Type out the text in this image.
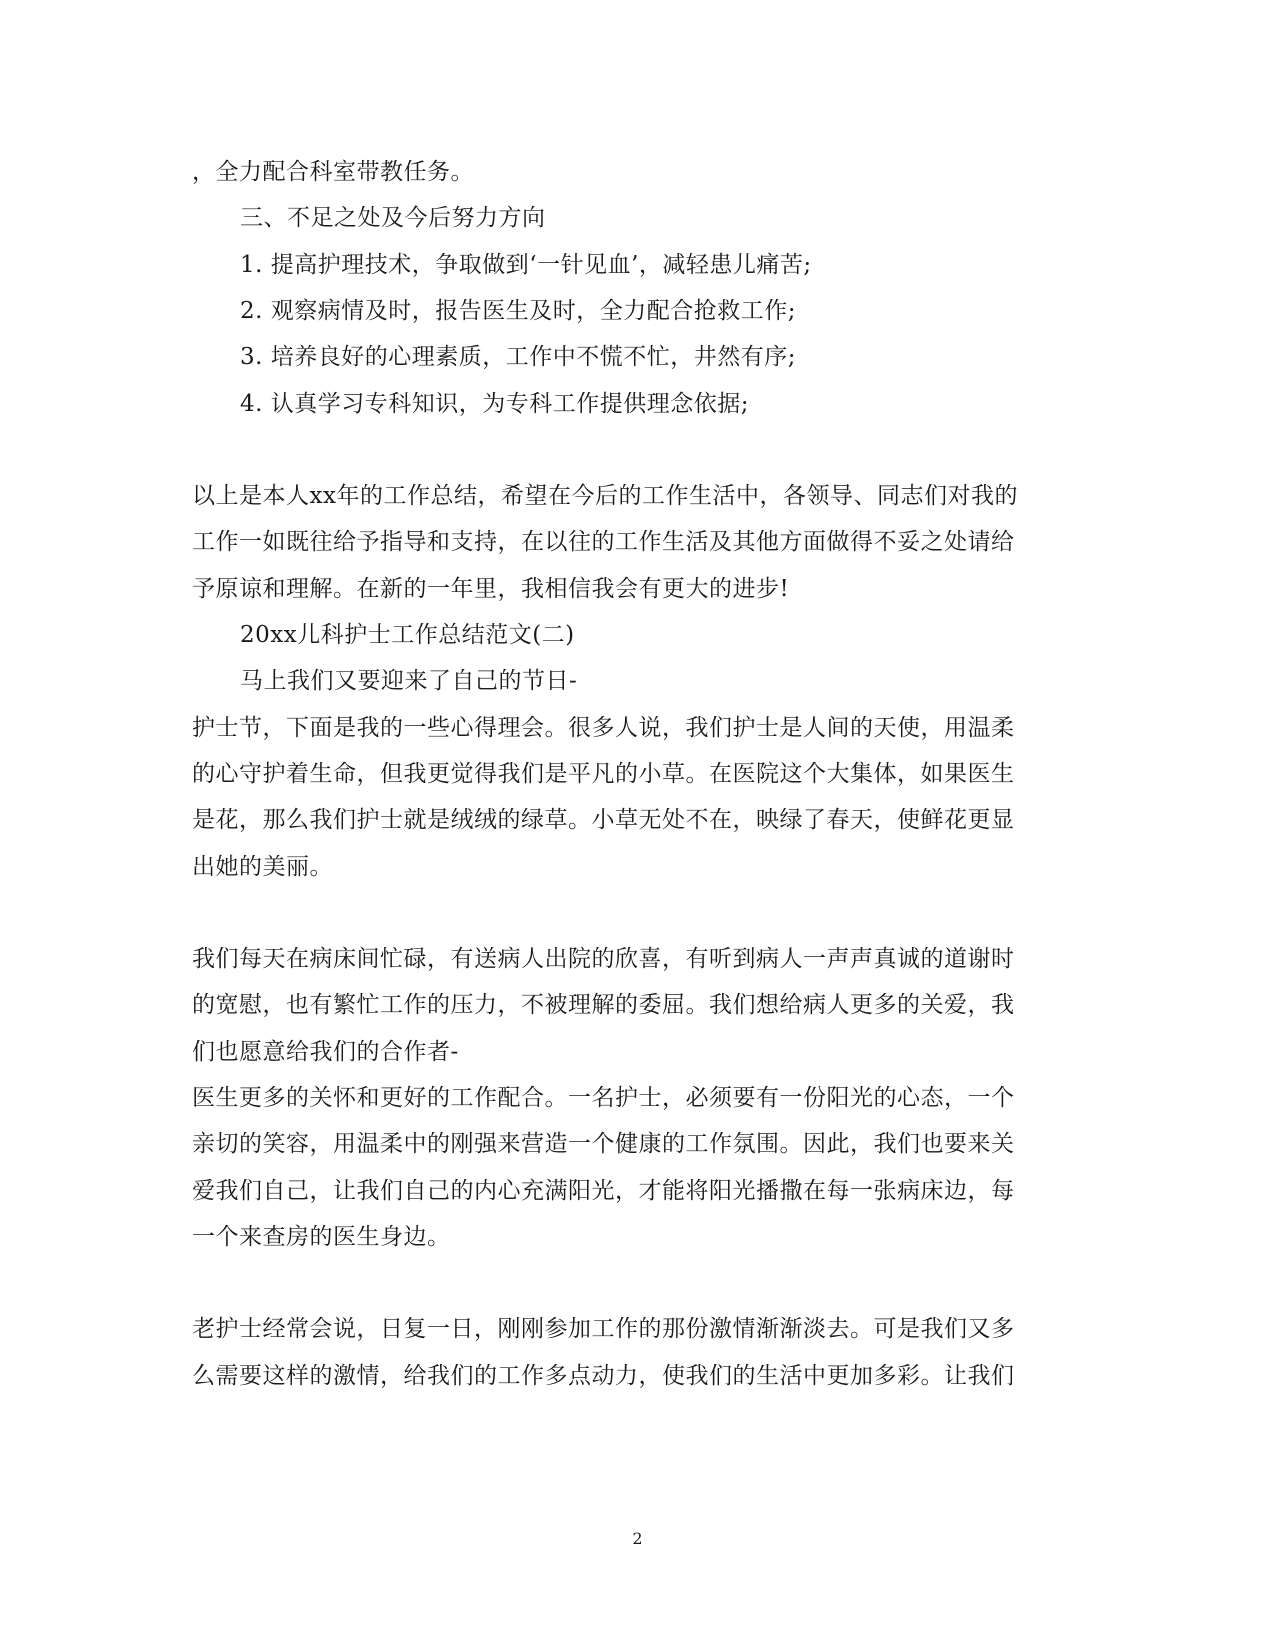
，全力配合科室带教任务。
三、不足之处及今后努力方向
1. 提高护理技术，争取做到‘一针见血’，减轻患儿痛苦;
2. 观察病情及时，报告医生及时，全力配合抢救工作;
3. 培养良好的心理素质，工作中不慌不忙，井然有序;
4. 认真学习专科知识，为专科工作提供理念依据;
以上是本人xx年的工作总结，希望在今后的工作生活中，各领导、同志们对我的
工作一如既往给予指导和支持，在以往的工作生活及其他方面做得不妥之处请给
予原谅和理解。在新的一年里，我相信我会有更大的进步!
20xx儿科护士工作总结范文(二)
马上我们又要迎来了自己的节日-
护士节，下面是我的一些心得理会。很多人说，我们护士是人间的天使，用温柔
的心守护着生命，但我更觉得我们是平凡的小草。在医院这个大集体，如果医生
是花，那么我们护士就是绒绒的绿草。小草无处不在，映绿了春天，使鲜花更显
出她的美丽。
我们每天在病床间忙碌，有送病人出院的欣喜，有听到病人一声声真诚的道谢时
的宽慰，也有繁忙工作的压力，不被理解的委屈。我们想给病人更多的关爱，我
们也愿意给我们的合作者-
医生更多的关怀和更好的工作配合。一名护士，必须要有一份阳光的心态，一个
亲切的笑容，用温柔中的刚强来营造一个健康的工作氛围。因此，我们也要来关
爱我们自己，让我们自己的内心充满阳光，才能将阳光播撒在每一张病床边，每
一个来查房的医生身边。
老护士经常会说，日复一日，刚刚参加工作的那份激情渐渐淡去。可是我们又多
么需要这样的激情，给我们的工作多点动力，使我们的生活中更加多彩。让我们
2
